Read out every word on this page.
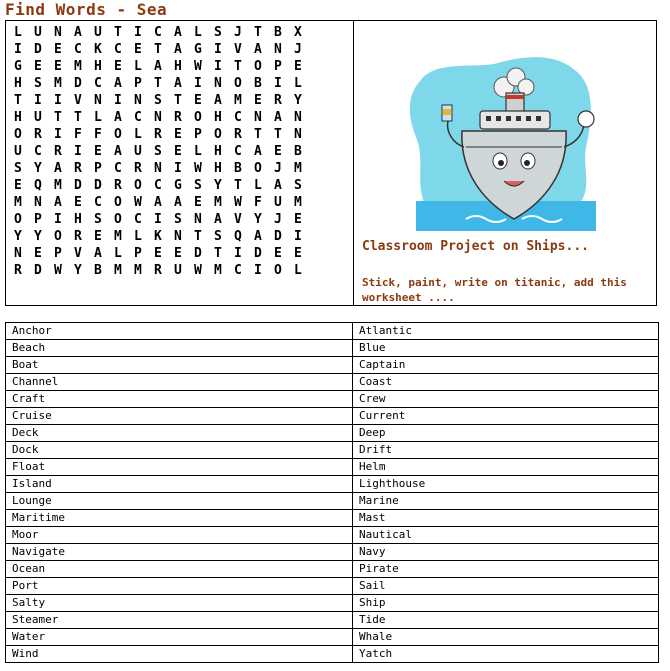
Find Words - Sea
L U N A U T I C A L S J T B X
I D E C K C E T A G I V A N J
G E E M H E L A H W I T O P E
H S M D C A P T A I N O B I L
T I I V N I N S T E A M E R Y
H U T T L A C N R O H C N A N
O R I F F O L R E P O R T T N
U C R I E A U S E L H C A E B
S Y A R P C R N I W H B O J M
E Q M D D R O C G S Y T L A S
M N A E C O W A A E M W F U M
O P I H S O C I S N A V Y J E
Y Y O R E M L K N T S Q A D I
N E P V A L P E E D T I D E E
R D W Y B M M R U W M C I O L
Classroom Project on Ships...
Stick, paint, write on titanic, add this worksheet ....
Anchor	Atlantic
Beach	Blue
Boat	Captain
Channel	Coast
Craft	Crew
Cruise	Current
Deck	Deep
Dock	Drift
Float	Helm
Island	Lighthouse
Lounge	Marine
Maritime	Mast
Moor	Nautical
Navigate	Navy
Ocean	Pirate
Port	Sail
Salty	Ship
Steamer	Tide
Water	Whale
Wind	Yatch
